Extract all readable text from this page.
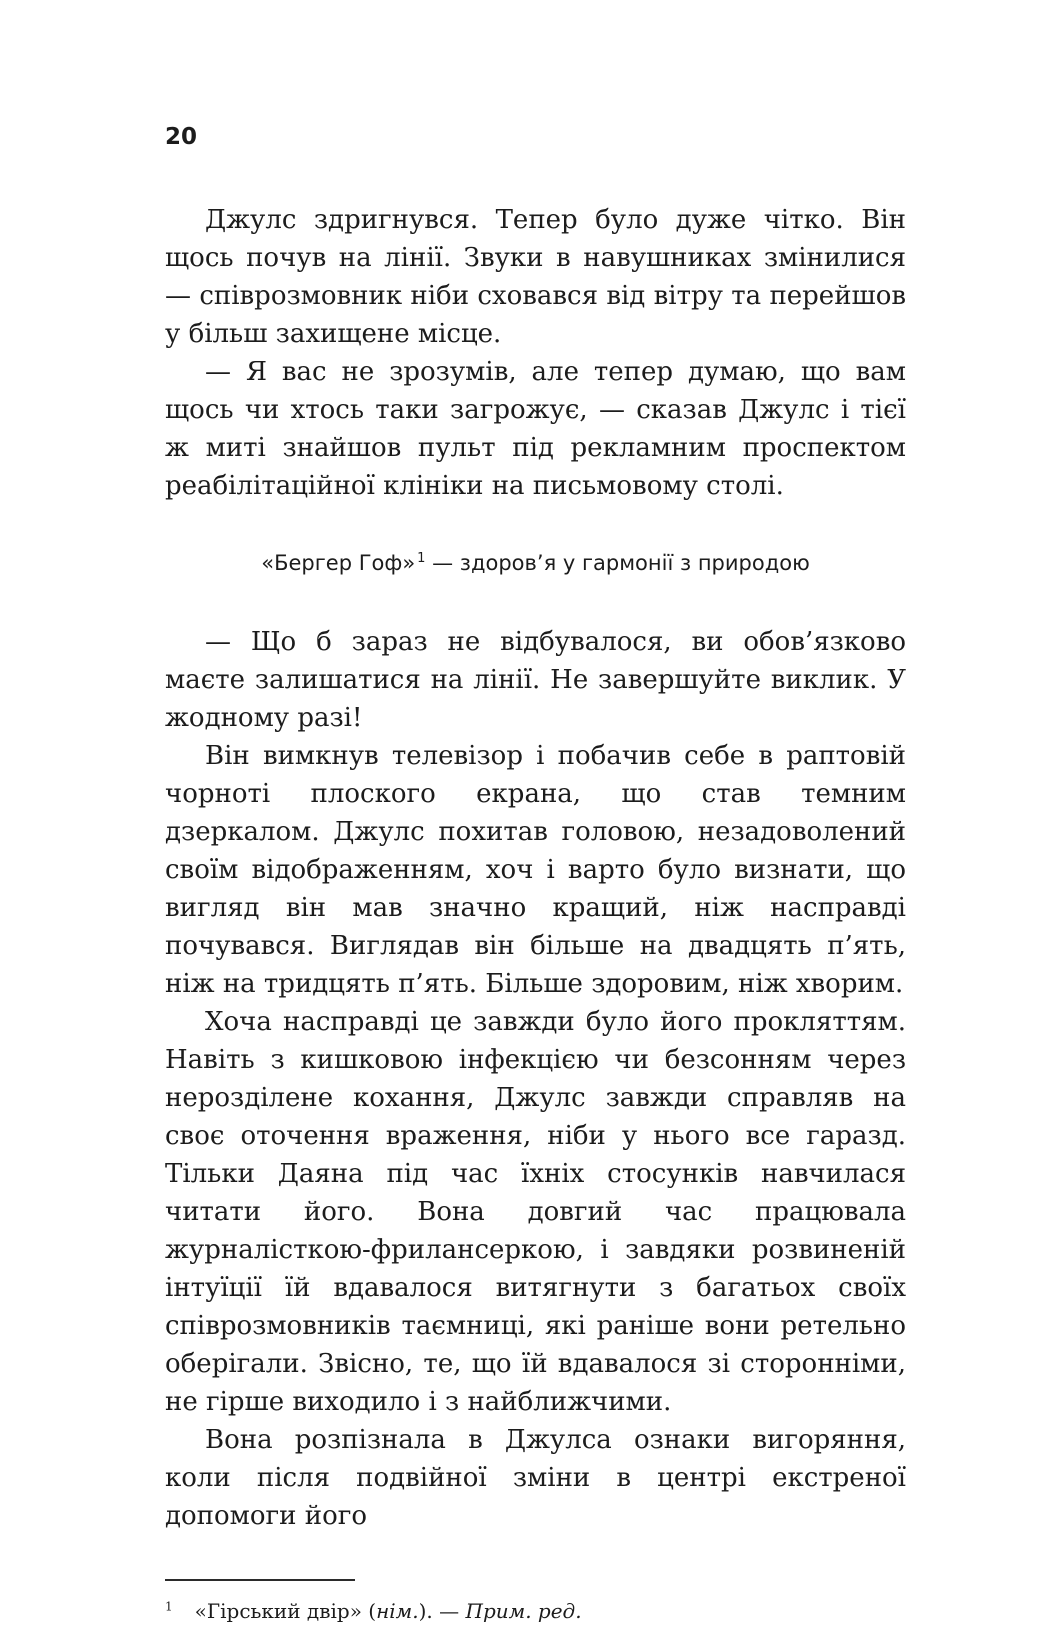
20

Джулс здригнувся. Тепер було дуже чітко. Він щось почув на лінії. Звуки в навушниках змінилися — співрозмовник ніби сховався від вітру та перейшов у більш захищене місце.

— Я вас не зрозумів, але тепер думаю, що вам щось чи хтось таки загрожує, — сказав Джулс і тієї ж миті знайшов пульт під рекламним проспектом реабілітаційної клініки на письмовому столі.

«Бергер Гоф» $^1$ — здоров’я у гармонії з природою

— Що б зараз не відбувалося, ви обов’язково маєте залишатися на лінії. Не завершуйте виклик. У жодному разі!

Він вимкнув телевізор і побачив себе в раптовій чорноті плоского екрана, що став темним дзеркалом. Джулс похитав головою, незадоволений своїм відображенням, хоч і варто було визнати, що вигляд він мав значно кращий, ніж насправді почувався. Виглядав він більше на двадцять п’ять, ніж на тридцять п’ять. Більше здоровим, ніж хворим.

Хоча насправді це завжди було його прокляттям. Навіть з кишковою інфекцією чи безсонням через нерозділене кохання, Джулс завжди справляв на своє оточення враження, ніби у нього все гаразд. Тільки Даяна під час їхніх стосунків навчилася читати його. Вона довгий час працювала журналісткою-фрилансеркою, і завдяки розвиненій інтуїції їй вдавалося витягнути з багатьох своїх співрозмовників таємниці, які раніше вони ретельно оберігали. Звісно, те, що їй вдавалося зі сторонніми, не гірше виходило і з найближчими.

Вона розпізнала в Джулса ознаки вигоряння, коли після подвійної зміни в центрі екстреної допомоги його

$^1$ «Гірський двір» (нім.). — Прим. ред.
